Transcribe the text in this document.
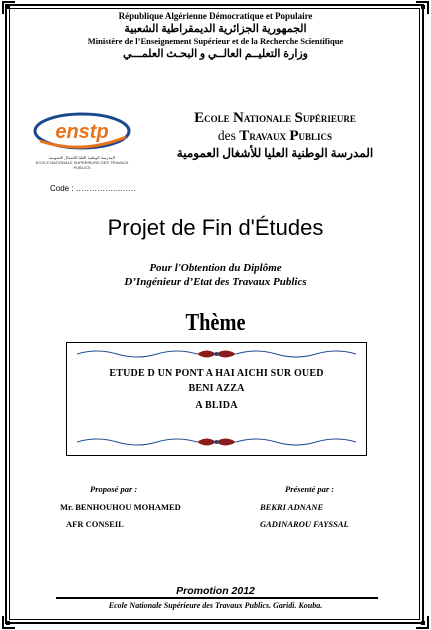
République Algérienne Démocratique et Populaire
الجمهورية الجزائرية الديمقراطية الشعبية
Ministère de l’Enseignement Supérieur et de la Recherche Scientifique
وزارة التعليــم العالــي و البحـث العلمـــي
enstp
المدرسة الوطنية العليا للأشغال العمومية
ECOLE NATIONALE SUPERIEURE DES TRAVAUX PUBLICS
Ecole Nationale Supérieure
des Travaux Publics
المدرسة الوطنية العليا للأشغال العمومية
Code : ……………..……
Projet de Fin d'Études
Pour l'Obtention du Diplôme
D’Ingénieur d’Etat des Travaux Publics
Thème
ETUDE D UN PONT A HAI AICHI SUR OUED
BENI AZZA
A BLIDA
Proposé par :	Présenté par :
Mr. BENHOUHOU MOHAMED
AFR CONSEIL
BEKRI ADNANE
GADINAROU FAYSSAL
Promotion 2012
Ecole Nationale Supérieure des Travaux Publics. Garidi. Kouba.
